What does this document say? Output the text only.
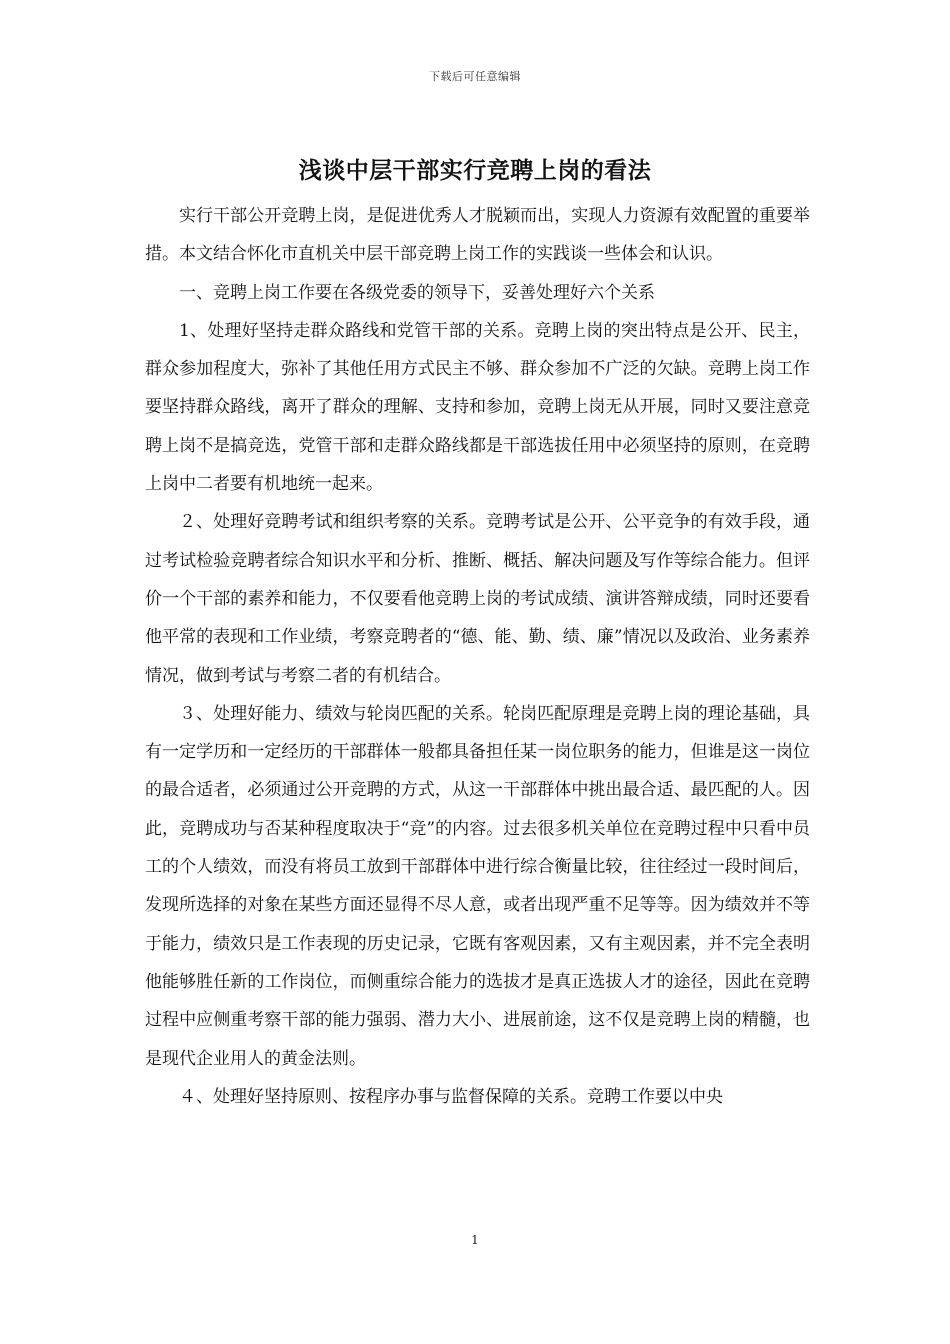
下载后可任意编辑
浅谈中层干部实行竞聘上岗的看法

实行干部公开竞聘上岗，是促进优秀人才脱颖而出，实现人力资源有效配置的重要举措。本文结合怀化市直机关中层干部竞聘上岗工作的实践谈一些体会和认识。

一、竞聘上岗工作要在各级党委的领导下，妥善处理好六个关系

1、处理好坚持走群众路线和党管干部的关系。竞聘上岗的突出特点是公开、民主，群众参加程度大，弥补了其他任用方式民主不够、群众参加不广泛的欠缺。竞聘上岗工作要坚持群众路线，离开了群众的理解、支持和参加，竞聘上岗无从开展，同时又要注意竞聘上岗不是搞竞选，党管干部和走群众路线都是干部选拔任用中必须坚持的原则，在竞聘上岗中二者要有机地统一起来。

２、处理好竞聘考试和组织考察的关系。竞聘考试是公开、公平竞争的有效手段，通过考试检验竞聘者综合知识水平和分析、推断、概括、解决问题及写作等综合能力。但评价一个干部的素养和能力，不仅要看他竞聘上岗的考试成绩、演讲答辩成绩，同时还要看他平常的表现和工作业绩，考察竞聘者的“德、能、勤、绩、廉”情况以及政治、业务素养情况，做到考试与考察二者的有机结合。

３、处理好能力、绩效与轮岗匹配的关系。轮岗匹配原理是竞聘上岗的理论基础，具有一定学历和一定经历的干部群体一般都具备担任某一岗位职务的能力，但谁是这一岗位的最合适者，必须通过公开竞聘的方式，从这一干部群体中挑出最合适、最匹配的人。因此，竞聘成功与否某种程度取决于“竞”的内容。过去很多机关单位在竞聘过程中只看中员工的个人绩效，而没有将员工放到干部群体中进行综合衡量比较，往往经过一段时间后，发现所选择的对象在某些方面还显得不尽人意，或者出现严重不足等等。因为绩效并不等于能力，绩效只是工作表现的历史记录，它既有客观因素，又有主观因素，并不完全表明他能够胜任新的工作岗位，而侧重综合能力的选拔才是真正选拔人才的途径，因此在竞聘过程中应侧重考察干部的能力强弱、潜力大小、进展前途，这不仅是竞聘上岗的精髓，也是现代企业用人的黄金法则。

４、处理好坚持原则、按程序办事与监督保障的关系。竞聘工作要以中央

1
